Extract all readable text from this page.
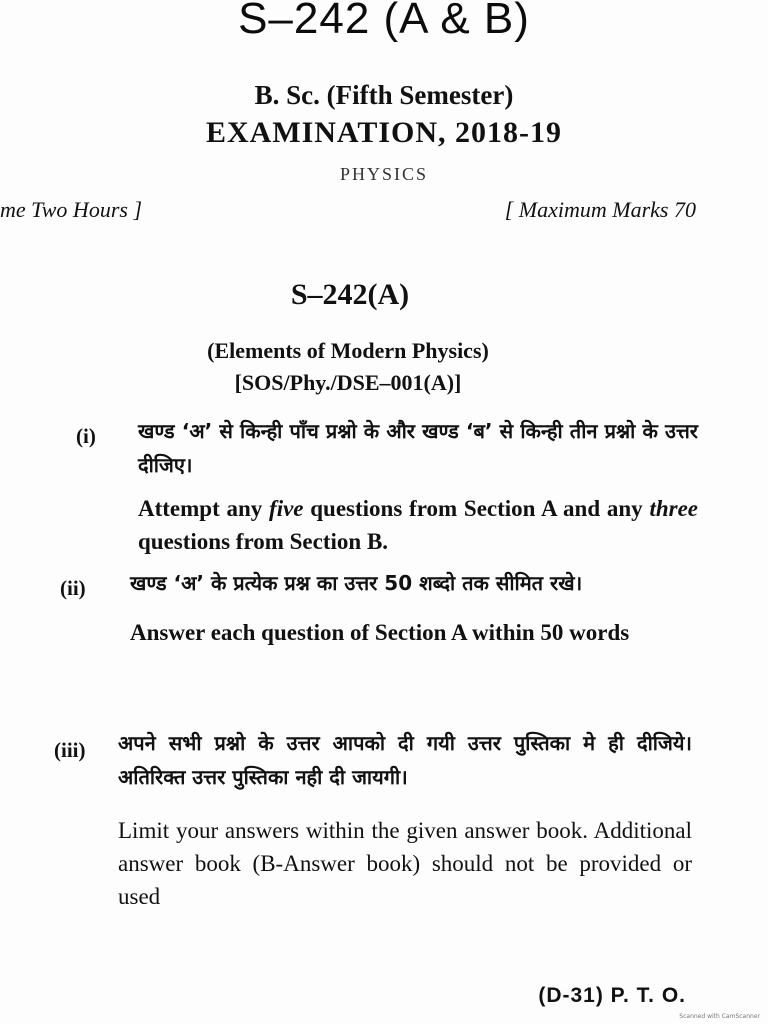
S–242 (A & B)
B. Sc. (Fifth Semester)
EXAMINATION, 2018-19
PHYSICS
me Two Hours ]	[ Maximum Marks 70
S–242(A)
(Elements of Modern Physics)
[SOS/Phy./DSE–001(A)]
(i) खण्ड ‘अ’ से किन्ही पाँच प्रश्नो के और खण्ड ‘ब’ से किन्ही तीन प्रश्नो के उत्तर दीजिए।
Attempt any five questions from Section A and any three questions from Section B.
(ii) खण्ड ‘अ’ के प्रत्येक प्रश्न का उत्तर 50 शब्दो तक सीमित रखे।
Answer each question of Section A within 50 words
(iii) अपने सभी प्रश्नो के उत्तर आपको दी गयी उत्तर पुस्तिका मे ही दीजिये। अतिरिक्त उत्तर पुस्तिका नही दी जायगी।
Limit your answers within the given answer book. Additional answer book (B-Answer book) should not be provided or used
(D-31) P. T. O.
Scanned with CamScanner
